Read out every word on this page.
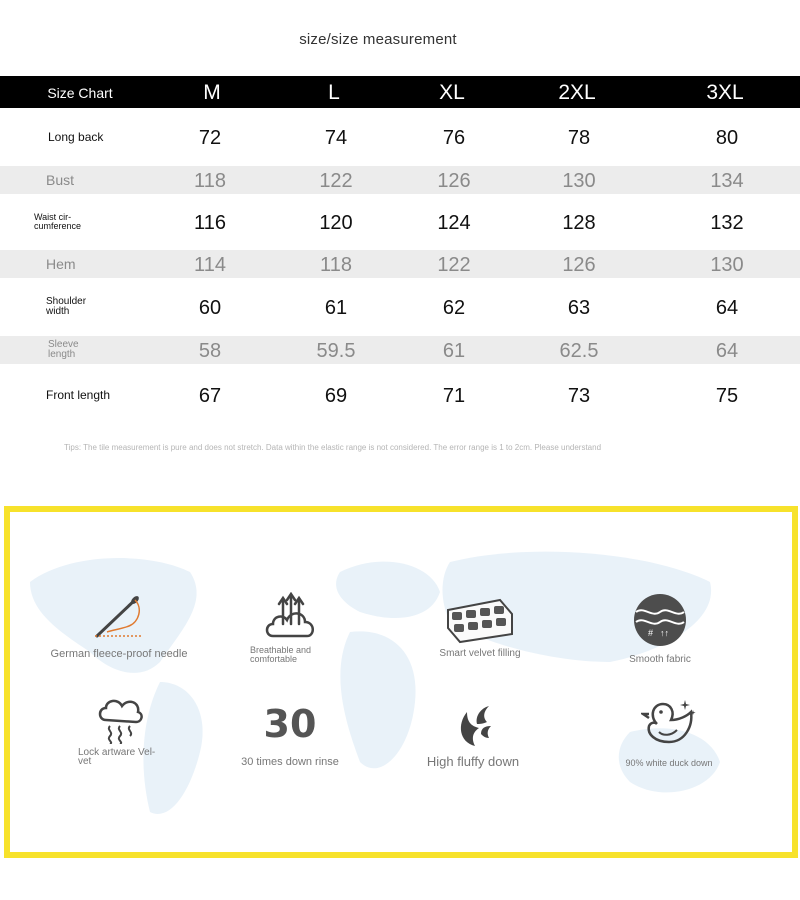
size/size measurement
Size Chart	M	L	XL	2XL	3XL
Long back	72	74	76	78	80
Bust	118	122	126	130	134
Waist cir-
cumference	116	120	124	128	132
Hem	114	118	122	126	130
Shoulder
width	60	61	62	63	64
Sleeve
length	58	59.5	61	62.5	64
Front length	67	69	71	73	75
Tips: The tile measurement is pure and does not stretch. Data within the elastic range is not considered. The error range is 1 to 2cm. Please understand
German fleece-proof needle	Breathable and
comfortable	Smart velvet filling
# ↑↑
Smooth fabric
Lock artware Vel-
vet
30
30 times down rinse	High fluffy down	90% white duck down
